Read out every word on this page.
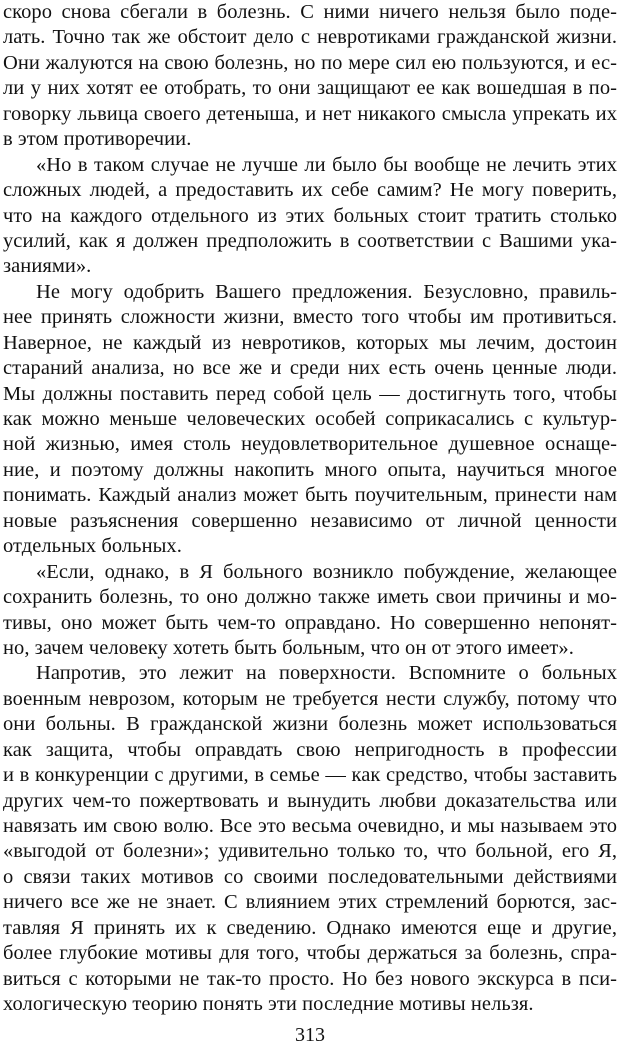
скоро снова сбегали в болезнь. С ними ничего нельзя было поде-
лать. Точно так же обстоит дело с невротиками гражданской жизни.
Они жалуются на свою болезнь, но по мере сил ею пользуются, и ес-
ли у них хотят ее отобрать, то они защищают ее как вошедшая в по-
говорку львица своего детеныша, и нет никакого смысла упрекать их
в этом противоречии.
«Но в таком случае не лучше ли было бы вообще не лечить этих
сложных людей, а предоставить их себе самим? Не могу поверить,
что на каждого отдельного из этих больных стоит тратить столько
усилий, как я должен предположить в соответствии с Вашими ука-
заниями».
Не могу одобрить Вашего предложения. Безусловно, правиль-
нее принять сложности жизни, вместо того чтобы им противиться.
Наверное, не каждый из невротиков, которых мы лечим, достоин
стараний анализа, но все же и среди них есть очень ценные люди.
Мы должны поставить перед собой цель — достигнуть того, чтобы
как можно меньше человеческих особей соприкасались с культур-
ной жизнью, имея столь неудовлетворительное душевное оснаще-
ние, и поэтому должны накопить много опыта, научиться многое
понимать. Каждый анализ может быть поучительным, принести нам
новые разъяснения совершенно независимо от личной ценности
отдельных больных.
«Если, однако, в Я больного возникло побуждение, желающее
сохранить болезнь, то оно должно также иметь свои причины и мо-
тивы, оно может быть чем-то оправдано. Но совершенно непонят-
но, зачем человеку хотеть быть больным, что он от этого имеет».
Напротив, это лежит на поверхности. Вспомните о больных
военным неврозом, которым не требуется нести службу, потому что
они больны. В гражданской жизни болезнь может использоваться
как защита, чтобы оправдать свою непригодность в профессии
и в конкуренции с другими, в семье — как средство, чтобы заставить
других чем-то пожертвовать и вынудить любви доказательства или
навязать им свою волю. Все это весьма очевидно, и мы называем это
«выгодой от болезни»; удивительно только то, что больной, его Я,
о связи таких мотивов со своими последовательными действиями
ничего все же не знает. С влиянием этих стремлений борются, зас-
тавляя Я принять их к сведению. Однако имеются еще и другие,
более глубокие мотивы для того, чтобы держаться за болезнь, спра-
виться с которыми не так-то просто. Но без нового экскурса в пси-
хологическую теорию понять эти последние мотивы нельзя.
313
